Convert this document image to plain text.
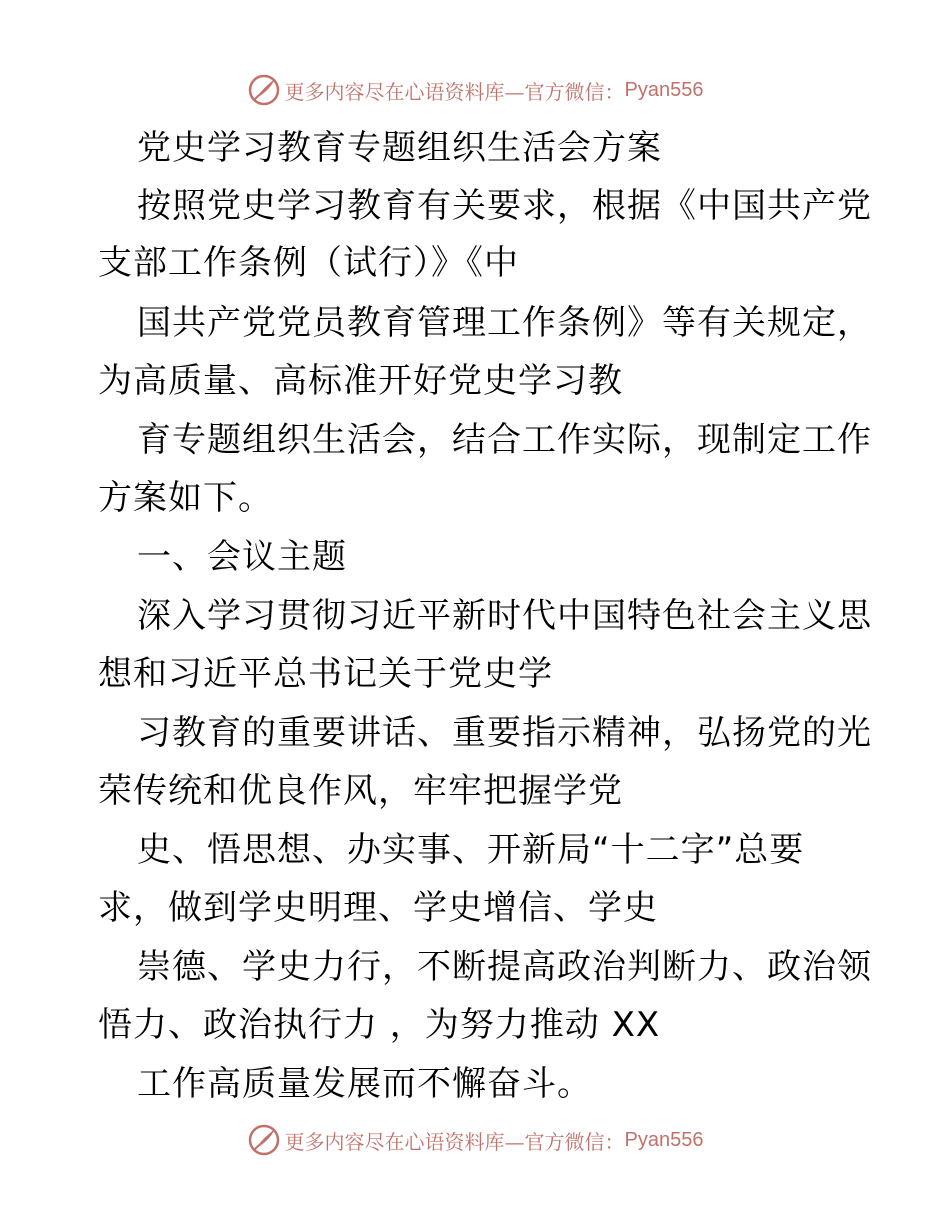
更多内容尽在心语资料库—官方微信： Pyan556
党史学习教育专题组织生活会方案
按照党史学习教育有关要求，根据《中国共产党
支部工作条例（试行）》《中
国共产党党员教育管理工作条例》等有关规定，
为高质量、高标准开好党史学习教
育专题组织生活会，结合工作实际，现制定工作
方案如下。
一、会议主题
深入学习贯彻习近平新时代中国特色社会主义思
想和习近平总书记关于党史学
习教育的重要讲话、重要指示精神，弘扬党的光
荣传统和优良作风，牢牢把握学党
史、悟思想、办实事、开新局“十二字”总要
求，做到学史明理、学史增信、学史
崇德、学史力行，不断提高政治判断力、政治领
悟力、政治执行力 ，为努力推动 XX
工作高质量发展而不懈奋斗。
更多内容尽在心语资料库—官方微信： Pyan556
